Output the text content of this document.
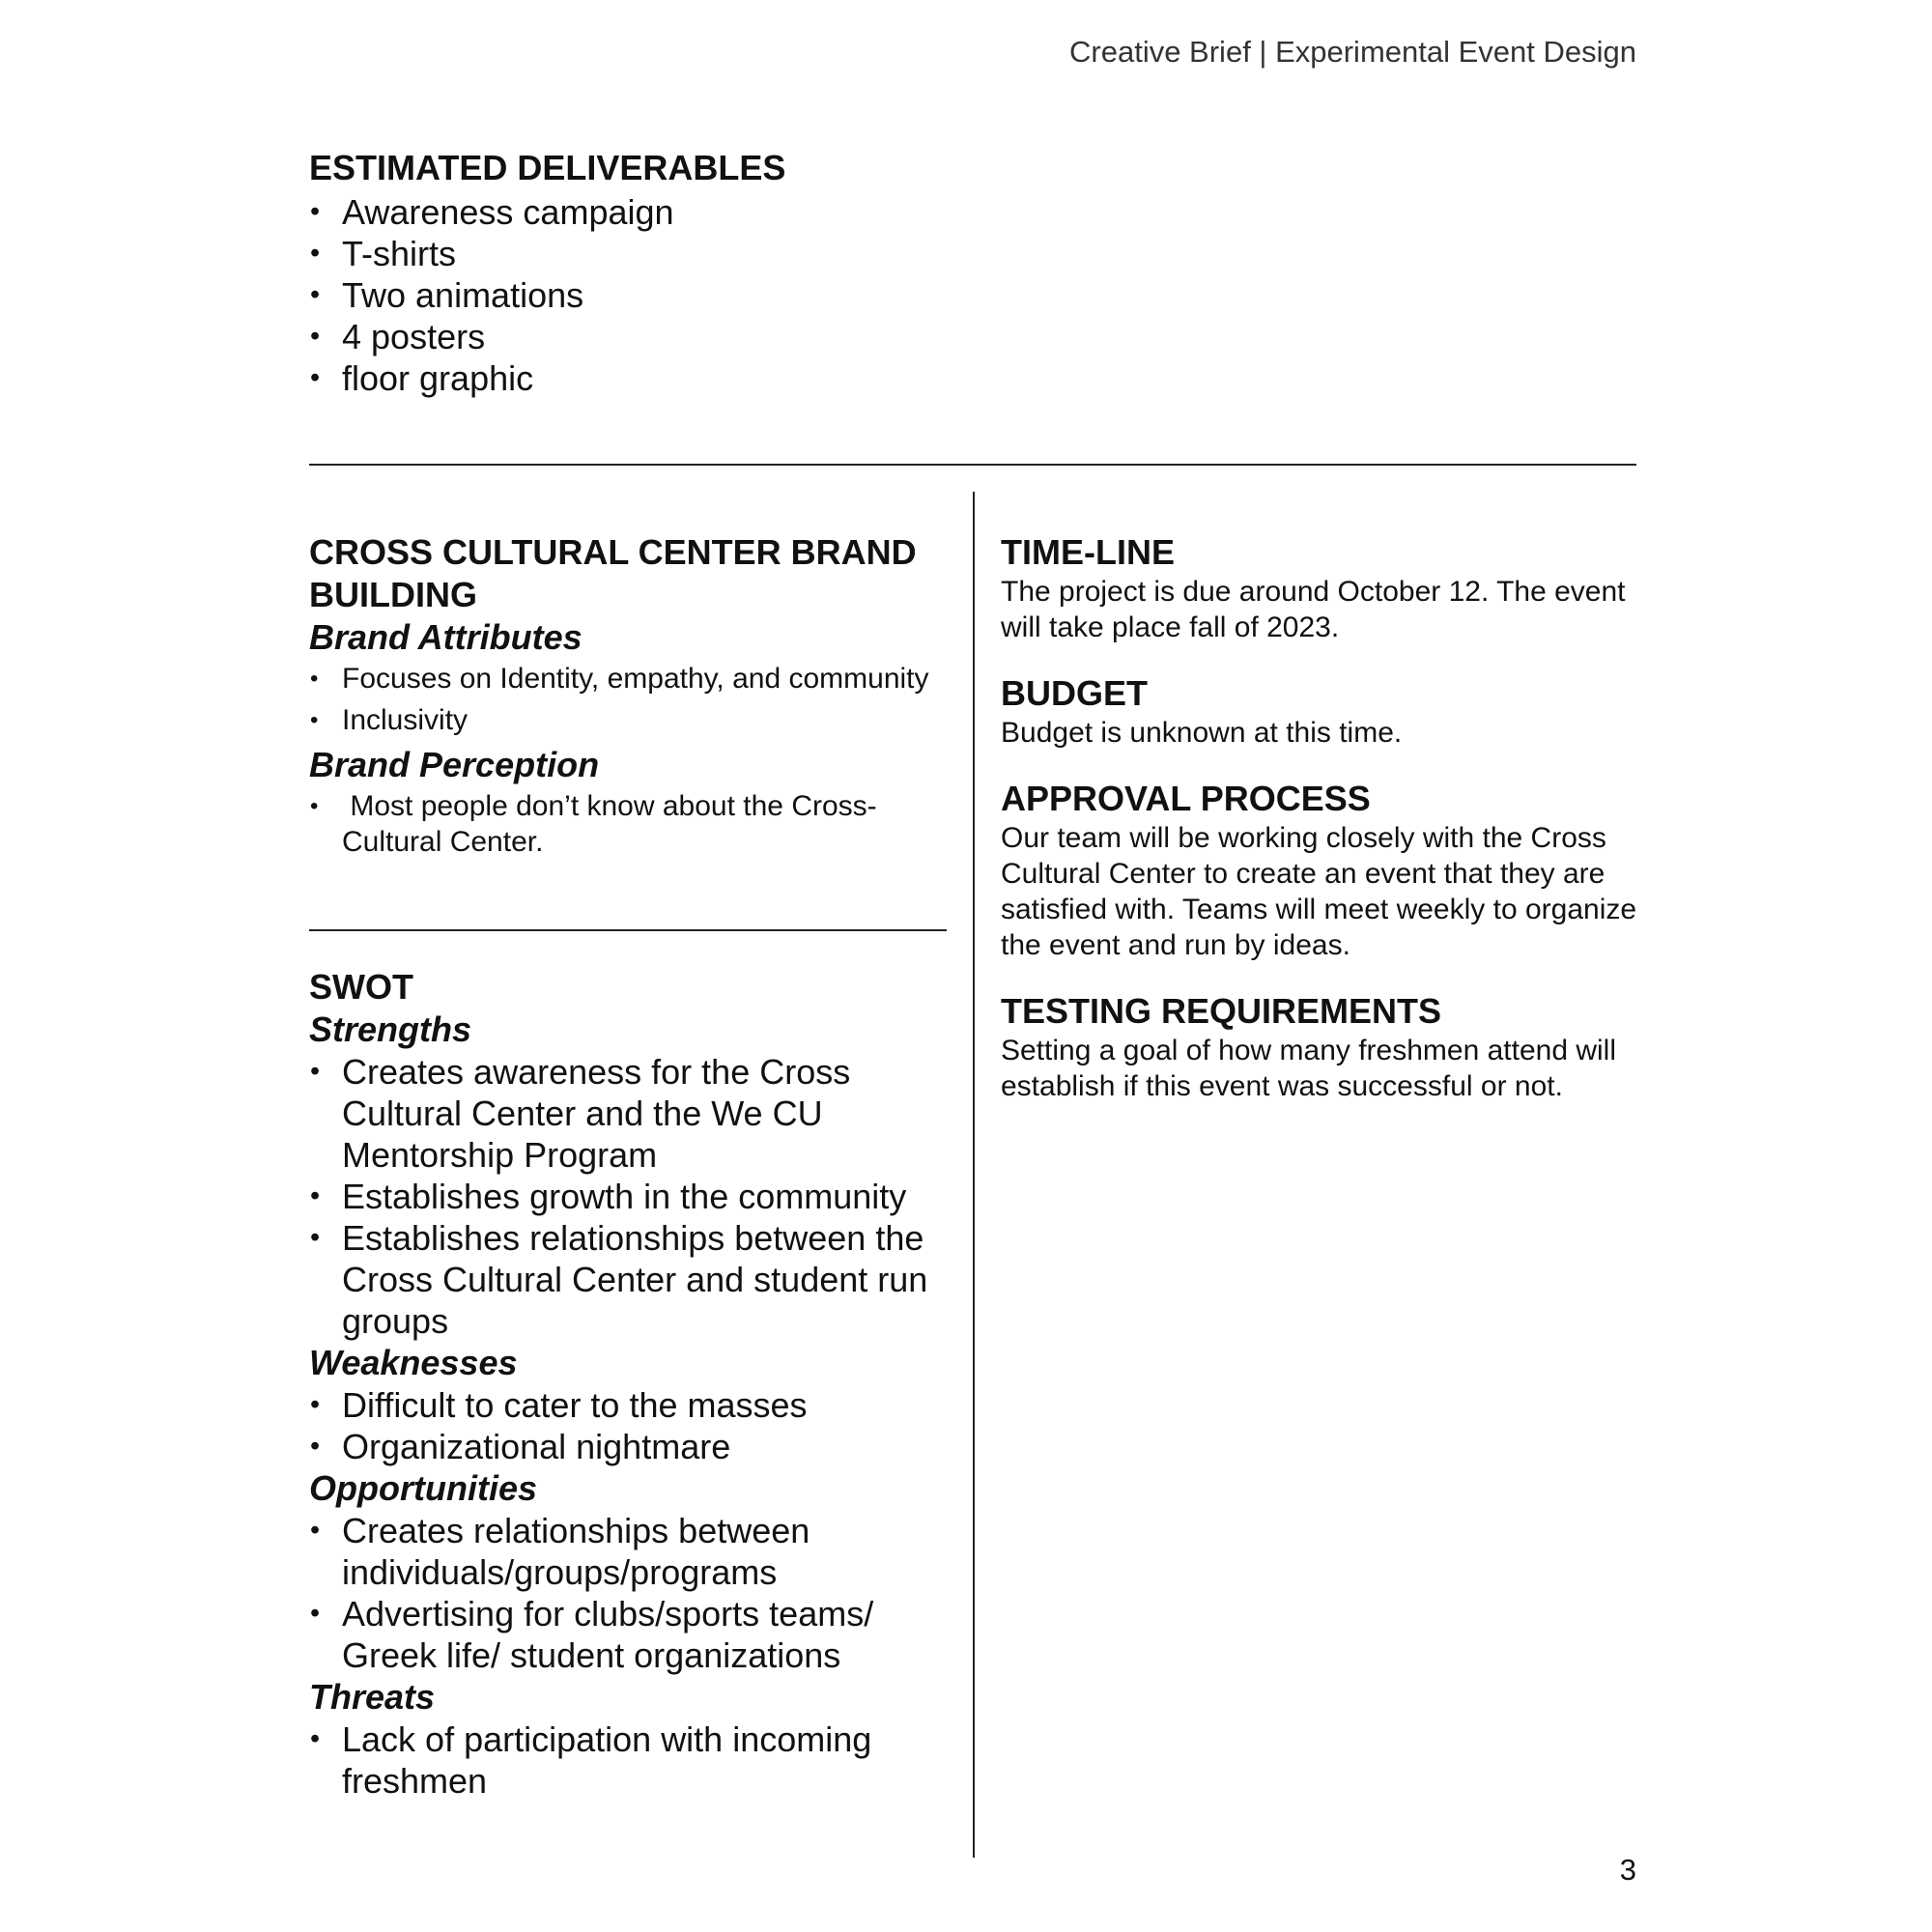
Creative Brief | Experimental Event Design
ESTIMATED DELIVERABLES
• Awareness campaign
• T-shirts
• Two animations
• 4 posters
• floor graphic
CROSS CULTURAL CENTER BRAND BUILDING
Brand Attributes
• Focuses on Identity, empathy, and community
• Inclusivity
Brand Perception
•  Most people don’t know about the Cross-Cultural Center.
SWOT
Strengths
• Creates awareness for the Cross Cultural Center and the We CU Mentorship Program
• Establishes growth in the community
• Establishes relationships between the Cross Cultural Center and student run groups
Weaknesses
• Difficult to cater to the masses
• Organizational nightmare
Opportunities
• Creates relationships between individuals/groups/programs
• Advertising for clubs/sports teams/ Greek life/ student organizations
Threats
• Lack of participation with incoming freshmen
TIME-LINE

The project is due around October 12. The event will take place fall of 2023.

BUDGET

Budget is unknown at this time.

APPROVAL PROCESS

Our team will be working closely with the Cross Cultural Center to create an event that they are satisfied with. Teams will meet weekly to organize the event and run by ideas.

TESTING REQUIREMENTS

Setting a goal of how many freshmen attend will establish if this event was successful or not.

3
